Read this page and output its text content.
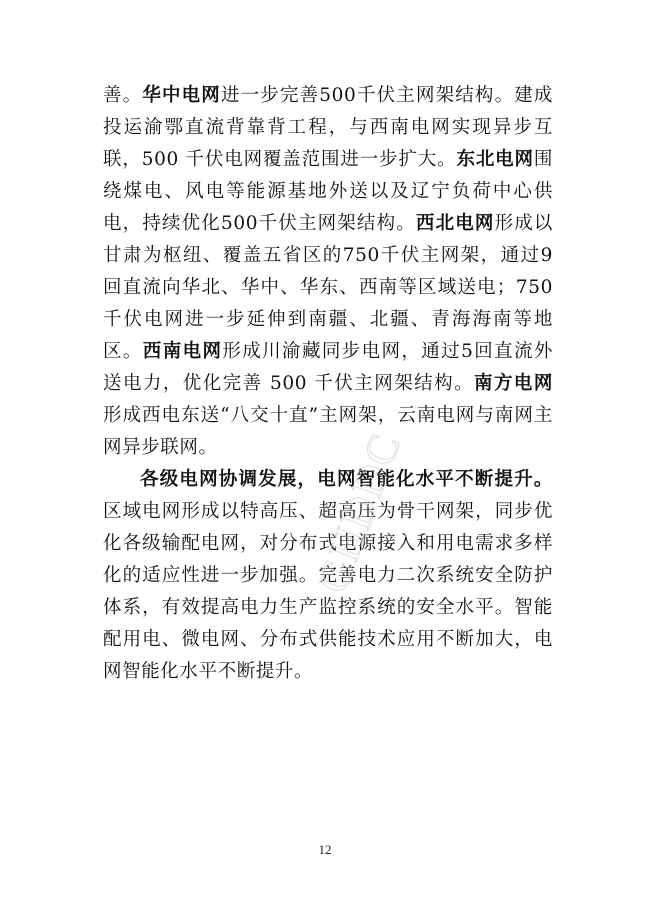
善。华中电网进一步完善500千伏主网架结构。建成投运渝鄂直流背靠背工程，与西南电网实现异步互联，500 千伏电网覆盖范围进一步扩大。东北电网围绕煤电、风电等能源基地外送以及辽宁负荷中心供电，持续优化500千伏主网架结构。西北电网形成以甘肃为枢纽、覆盖五省区的750千伏主网架，通过9回直流向华北、华中、华东、西南等区域送电；750 千伏电网进一步延伸到南疆、北疆、青海海南等地区。西南电网形成川渝藏同步电网，通过5回直流外送电力，优化完善 500 千伏主网架结构。南方电网形成西电东送“八交十直”主网架，云南电网与南网主网异步联网。

各级电网协调发展，电网智能化水平不断提升。区域电网形成以特高压、超高压为骨干网架，同步优化各级输配电网，对分布式电源接入和用电需求多样化的适应性进一步加强。完善电力二次系统安全防护体系，有效提高电力生产监控系统的安全水平。智能配用电、微电网、分布式供能技术应用不断加大，电网智能化水平不断提升。

GHDDC
12
